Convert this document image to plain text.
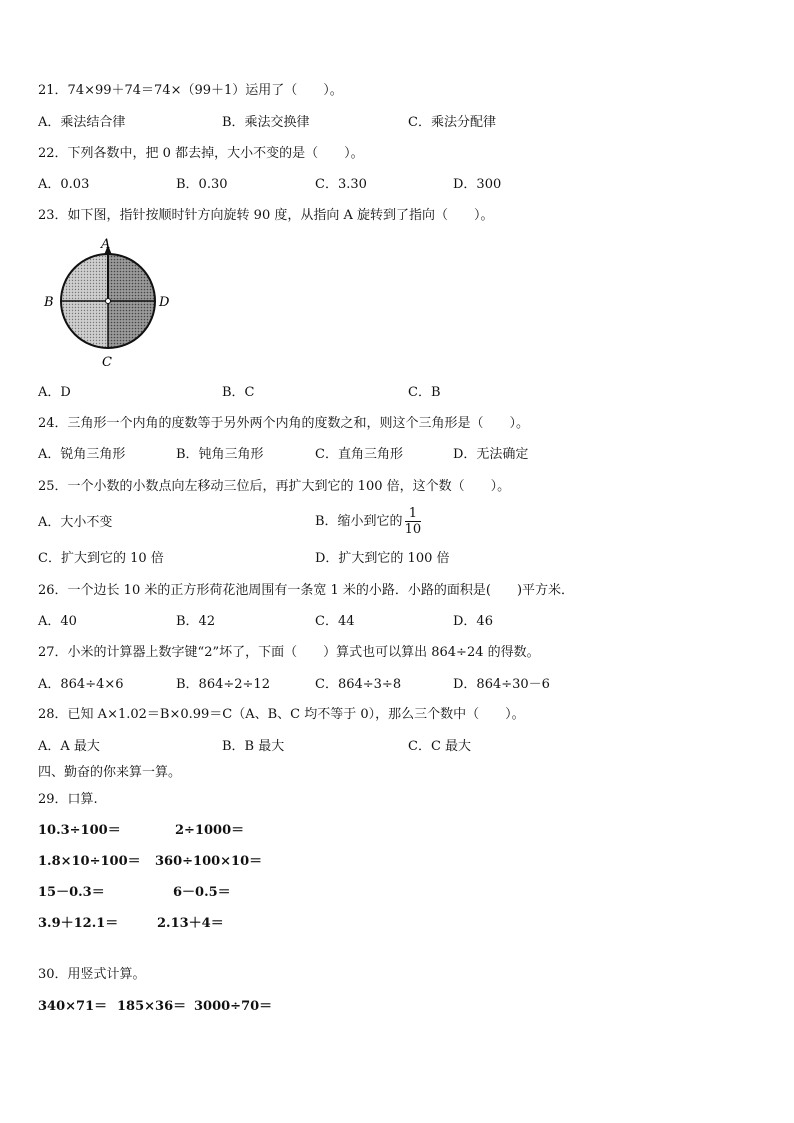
21．74×99＋74＝74×（99＋1）运用了（　　）。
A．乘法结合律	B．乘法交换律	C．乘法分配律
22．下列各数中，把 0 都去掉，大小不变的是（　　）。
A．0.03	B．0.30	C．3.30	D．300
23．如下图，指针按顺时针方向旋转 90 度，从指向 A 旋转到了指向（　　）。
A
B	D
C
A．D	B．C	C．B
24．三角形一个内角的度数等于另外两个内角的度数之和，则这个三角形是（　　）。
A．锐角三角形	B．钝角三角形	C．直角三角形	D．无法确定
25．一个小数的小数点向左移动三位后，再扩大到它的 100 倍，这个数（　　）。
A．大小不变	B．缩小到它的 $\frac{1}{10}$
C．扩大到它的 10 倍	D．扩大到它的 100 倍
26．一个边长 10 米的正方形荷花池周围有一条宽 1 米的小路．小路的面积是(　　)平方米．
A．40	B．42	C．44	D．46
27．小米的计算器上数字键“2”坏了，下面（　　）算式也可以算出 864÷24 的得数。
A．864÷4×6	B．864÷2÷12	C．864÷3÷8	D．864÷30－6
28．已知 A×1.02＝B×0.99＝C（A、B、C 均不等于 0），那么三个数中（　　）。
A．A 最大	B．B 最大	C．C 最大
四、勤奋的你来算一算。
29．口算.
10.3÷100＝	2÷1000＝
1.8×10÷100＝ 360÷100×10＝
15－0.3＝	6－0.5＝
3.9＋12.1＝	2.13＋4＝
30．用竖式计算。
340×71＝ 185×36＝ 3000÷70＝
